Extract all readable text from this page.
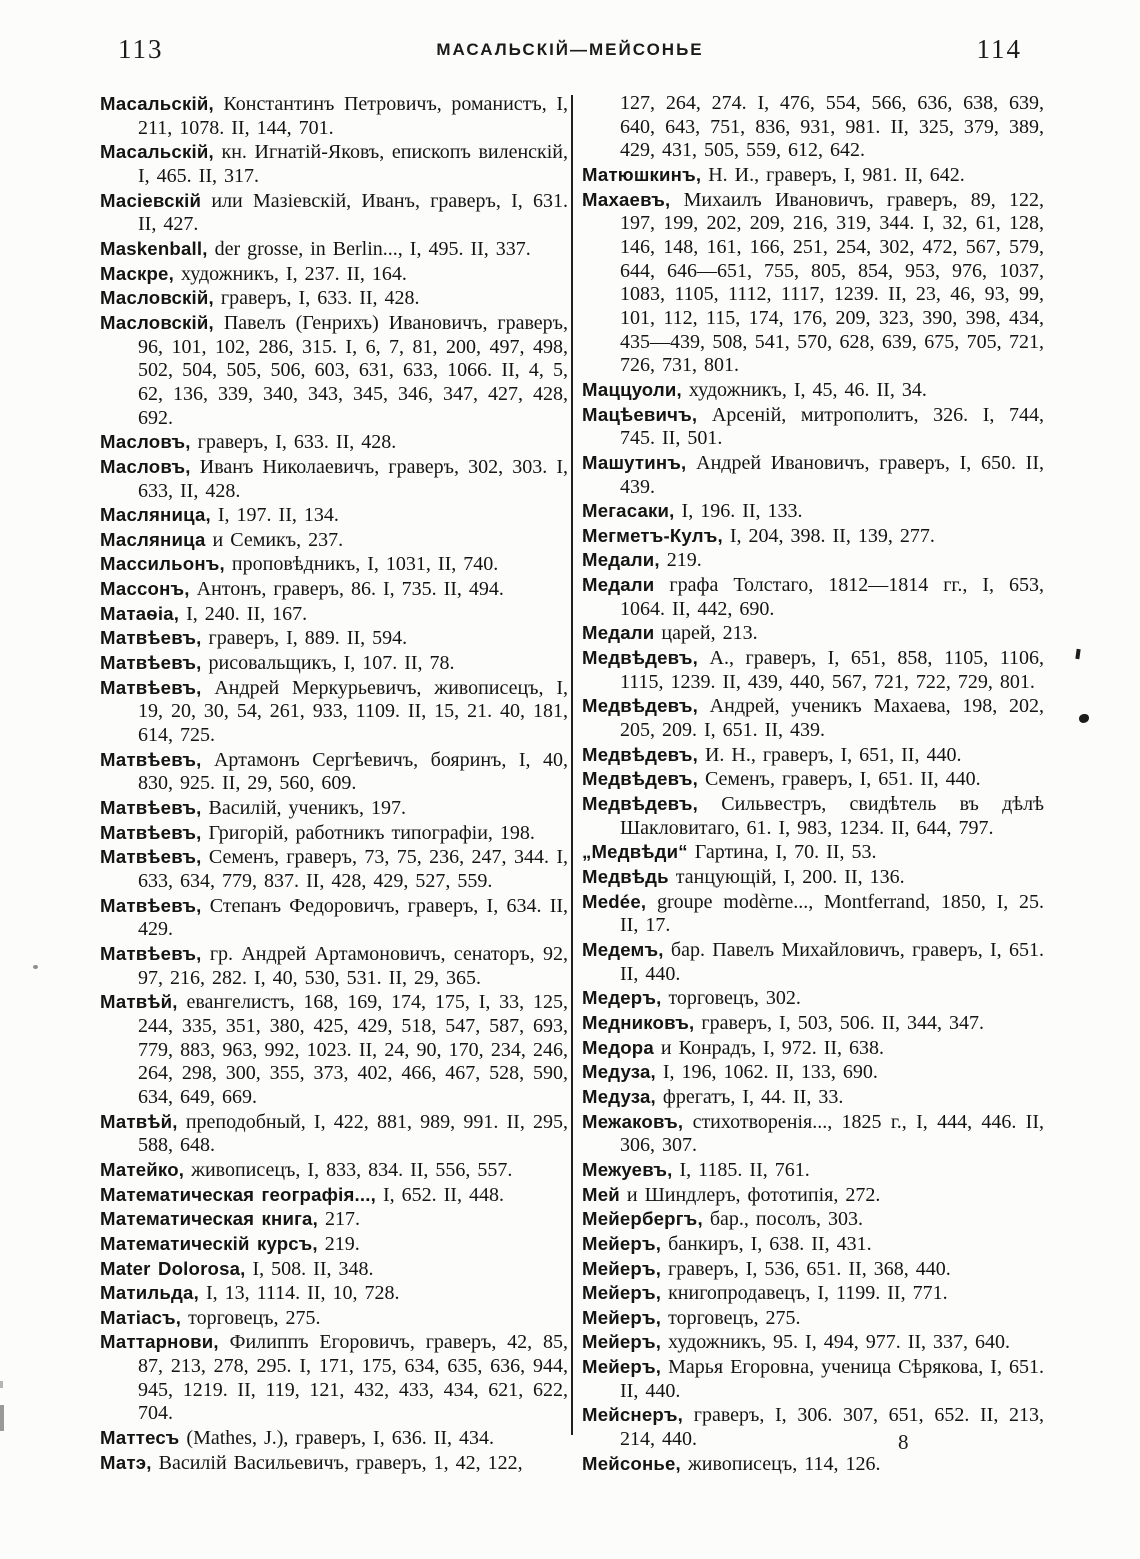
113	МАСАЛЬСКІЙ—МЕЙСОНЬЕ	114

Масальскій, Константинъ Петровичъ, романистъ, I, 211, 1078. II, 144, 701.

Масальскій, кн. Игнатій-Яковъ, епископъ виленскій, I, 465. II, 317.

Масіевскій или Мазіевскій, Иванъ, граверъ, I, 631. II, 427.

Maskenball, der grosse, in Berlin..., I, 495. II, 337.

Маскре, художникъ, I, 237. II, 164.

Масловскій, граверъ, I, 633. II, 428.

Масловскій, Павелъ (Генрихъ) Ивановичъ, граверъ, 96, 101, 102, 286, 315. I, 6, 7, 81, 200, 497, 498, 502, 504, 505, 506, 603, 631, 633, 1066. II, 4, 5, 62, 136, 339, 340, 343, 345, 346, 347, 427, 428, 692.

Масловъ, граверъ, I, 633. II, 428.

Масловъ, Иванъ Николаевичъ, граверъ, 302, 303. I, 633, II, 428.

Масляница, I, 197. II, 134.

Масляница и Семикъ, 237.

Массильонъ, проповѣдникъ, I, 1031, II, 740.

Массонъ, Антонъ, граверъ, 86. I, 735. II, 494.

Матаѳіа, I, 240. II, 167.

Матвѣевъ, граверъ, I, 889. II, 594.

Матвѣевъ, рисовальщикъ, I, 107. II, 78.

Матвѣевъ, Андрей Меркурьевичъ, живописецъ, I, 19, 20, 30, 54, 261, 933, 1109. II, 15, 21. 40, 181, 614, 725.

Матвѣевъ, Артамонъ Сергѣевичъ, бояринъ, I, 40, 830, 925. II, 29, 560, 609.

Матвѣевъ, Василій, ученикъ, 197.

Матвѣевъ, Григорій, работникъ типографіи, 198.

Матвѣевъ, Семенъ, граверъ, 73, 75, 236, 247, 344. I, 633, 634, 779, 837. II, 428, 429, 527, 559.

Матвѣевъ, Степанъ Федоровичъ, граверъ, I, 634. II, 429.

Матвѣевъ, гр. Андрей Артамоновичъ, сенаторъ, 92, 97, 216, 282. I, 40, 530, 531. II, 29, 365.

Матвѣй, евангелистъ, 168, 169, 174, 175, I, 33, 125, 244, 335, 351, 380, 425, 429, 518, 547, 587, 693, 779, 883, 963, 992, 1023. II, 24, 90, 170, 234, 246, 264, 298, 300, 355, 373, 402, 466, 467, 528, 590, 634, 649, 669.

Матвѣй, преподобный, I, 422, 881, 989, 991. II, 295, 588, 648.

Матейко, живописецъ, I, 833, 834. II, 556, 557.

Математическая географія..., I, 652. II, 448.

Математическая книга, 217.

Математическій курсъ, 219.

Mater Dolorosa, I, 508. II, 348.

Матильда, I, 13, 1114. II, 10, 728.

Матіасъ, торговецъ, 275.

Маттарнови, Филиппъ Егоровичъ, граверъ, 42, 85, 87, 213, 278, 295. I, 171, 175, 634, 635, 636, 944, 945, 1219. II, 119, 121, 432, 433, 434, 621, 622, 704.

Маттесъ (Mathes, J.), граверъ, I, 636. II, 434.

Матэ, Василій Васильевичъ, граверъ, 1, 42, 122,

127, 264, 274. I, 476, 554, 566, 636, 638, 639, 640, 643, 751, 836, 931, 981. II, 325, 379, 389, 429, 431, 505, 559, 612, 642.

Матюшкинъ, Н. И., граверъ, I, 981. II, 642.

Махаевъ, Михаилъ Ивановичъ, граверъ, 89, 122, 197, 199, 202, 209, 216, 319, 344. I, 32, 61, 128, 146, 148, 161, 166, 251, 254, 302, 472, 567, 579, 644, 646—651, 755, 805, 854, 953, 976, 1037, 1083, 1105, 1112, 1117, 1239. II, 23, 46, 93, 99, 101, 112, 115, 174, 176, 209, 323, 390, 398, 434, 435—439, 508, 541, 570, 628, 639, 675, 705, 721, 726, 731, 801.

Маццуоли, художникъ, I, 45, 46. II, 34.

Мацѣевичъ, Арсеній, митрополитъ, 326. I, 744, 745. II, 501.

Машутинъ, Андрей Ивановичъ, граверъ, I, 650. II, 439.

Мегасаки, I, 196. II, 133.

Мегметъ-Кулъ, I, 204, 398. II, 139, 277.

Медали, 219.

Медали графа Толстаго, 1812—1814 гг., I, 653, 1064. II, 442, 690.

Медали царей, 213.

Медвѣдевъ, А., граверъ, I, 651, 858, 1105, 1106, 1115, 1239. II, 439, 440, 567, 721, 722, 729, 801.

Медвѣдевъ, Андрей, ученикъ Махаева, 198, 202, 205, 209. I, 651. II, 439.

Медвѣдевъ, И. Н., граверъ, I, 651, II, 440.

Медвѣдевъ, Семенъ, граверъ, I, 651. II, 440.

Медвѣдевъ, Сильвестръ, свидѣтель въ дѣлѣ Шакловитаго, 61. I, 983, 1234. II, 644, 797.

„Медвѣди“ Гартина, I, 70. II, 53.

Медвѣдь танцующій, I, 200. II, 136.

Medée, groupe modèrne..., Montferrand, 1850, I, 25. II, 17.

Медемъ, бар. Павелъ Михайловичъ, граверъ, I, 651. II, 440.

Медеръ, торговецъ, 302.

Медниковъ, граверъ, I, 503, 506. II, 344, 347.

Медора и Конрадъ, I, 972. II, 638.

Медуза, I, 196, 1062. II, 133, 690.

Медуза, фрегатъ, I, 44. II, 33.

Межаковъ, стихотворенія..., 1825 г., I, 444, 446. II, 306, 307.

Межуевъ, I, 1185. II, 761.

Мей и Шиндлеръ, фототипія, 272.

Мейербергъ, бар., посолъ, 303.

Мейеръ, банкиръ, I, 638. II, 431.

Мейеръ, граверъ, I, 536, 651. II, 368, 440.

Мейеръ, книгопродавецъ, I, 1199. II, 771.

Мейеръ, торговецъ, 275.

Мейеръ, художникъ, 95. I, 494, 977. II, 337, 640.

Мейеръ, Марья Егоровна, ученица Сѣрякова, I, 651. II, 440.

Мейснеръ, граверъ, I, 306. 307, 651, 652. II, 213, 214, 440.

Мейсонье, живописецъ, 114, 126.

8
